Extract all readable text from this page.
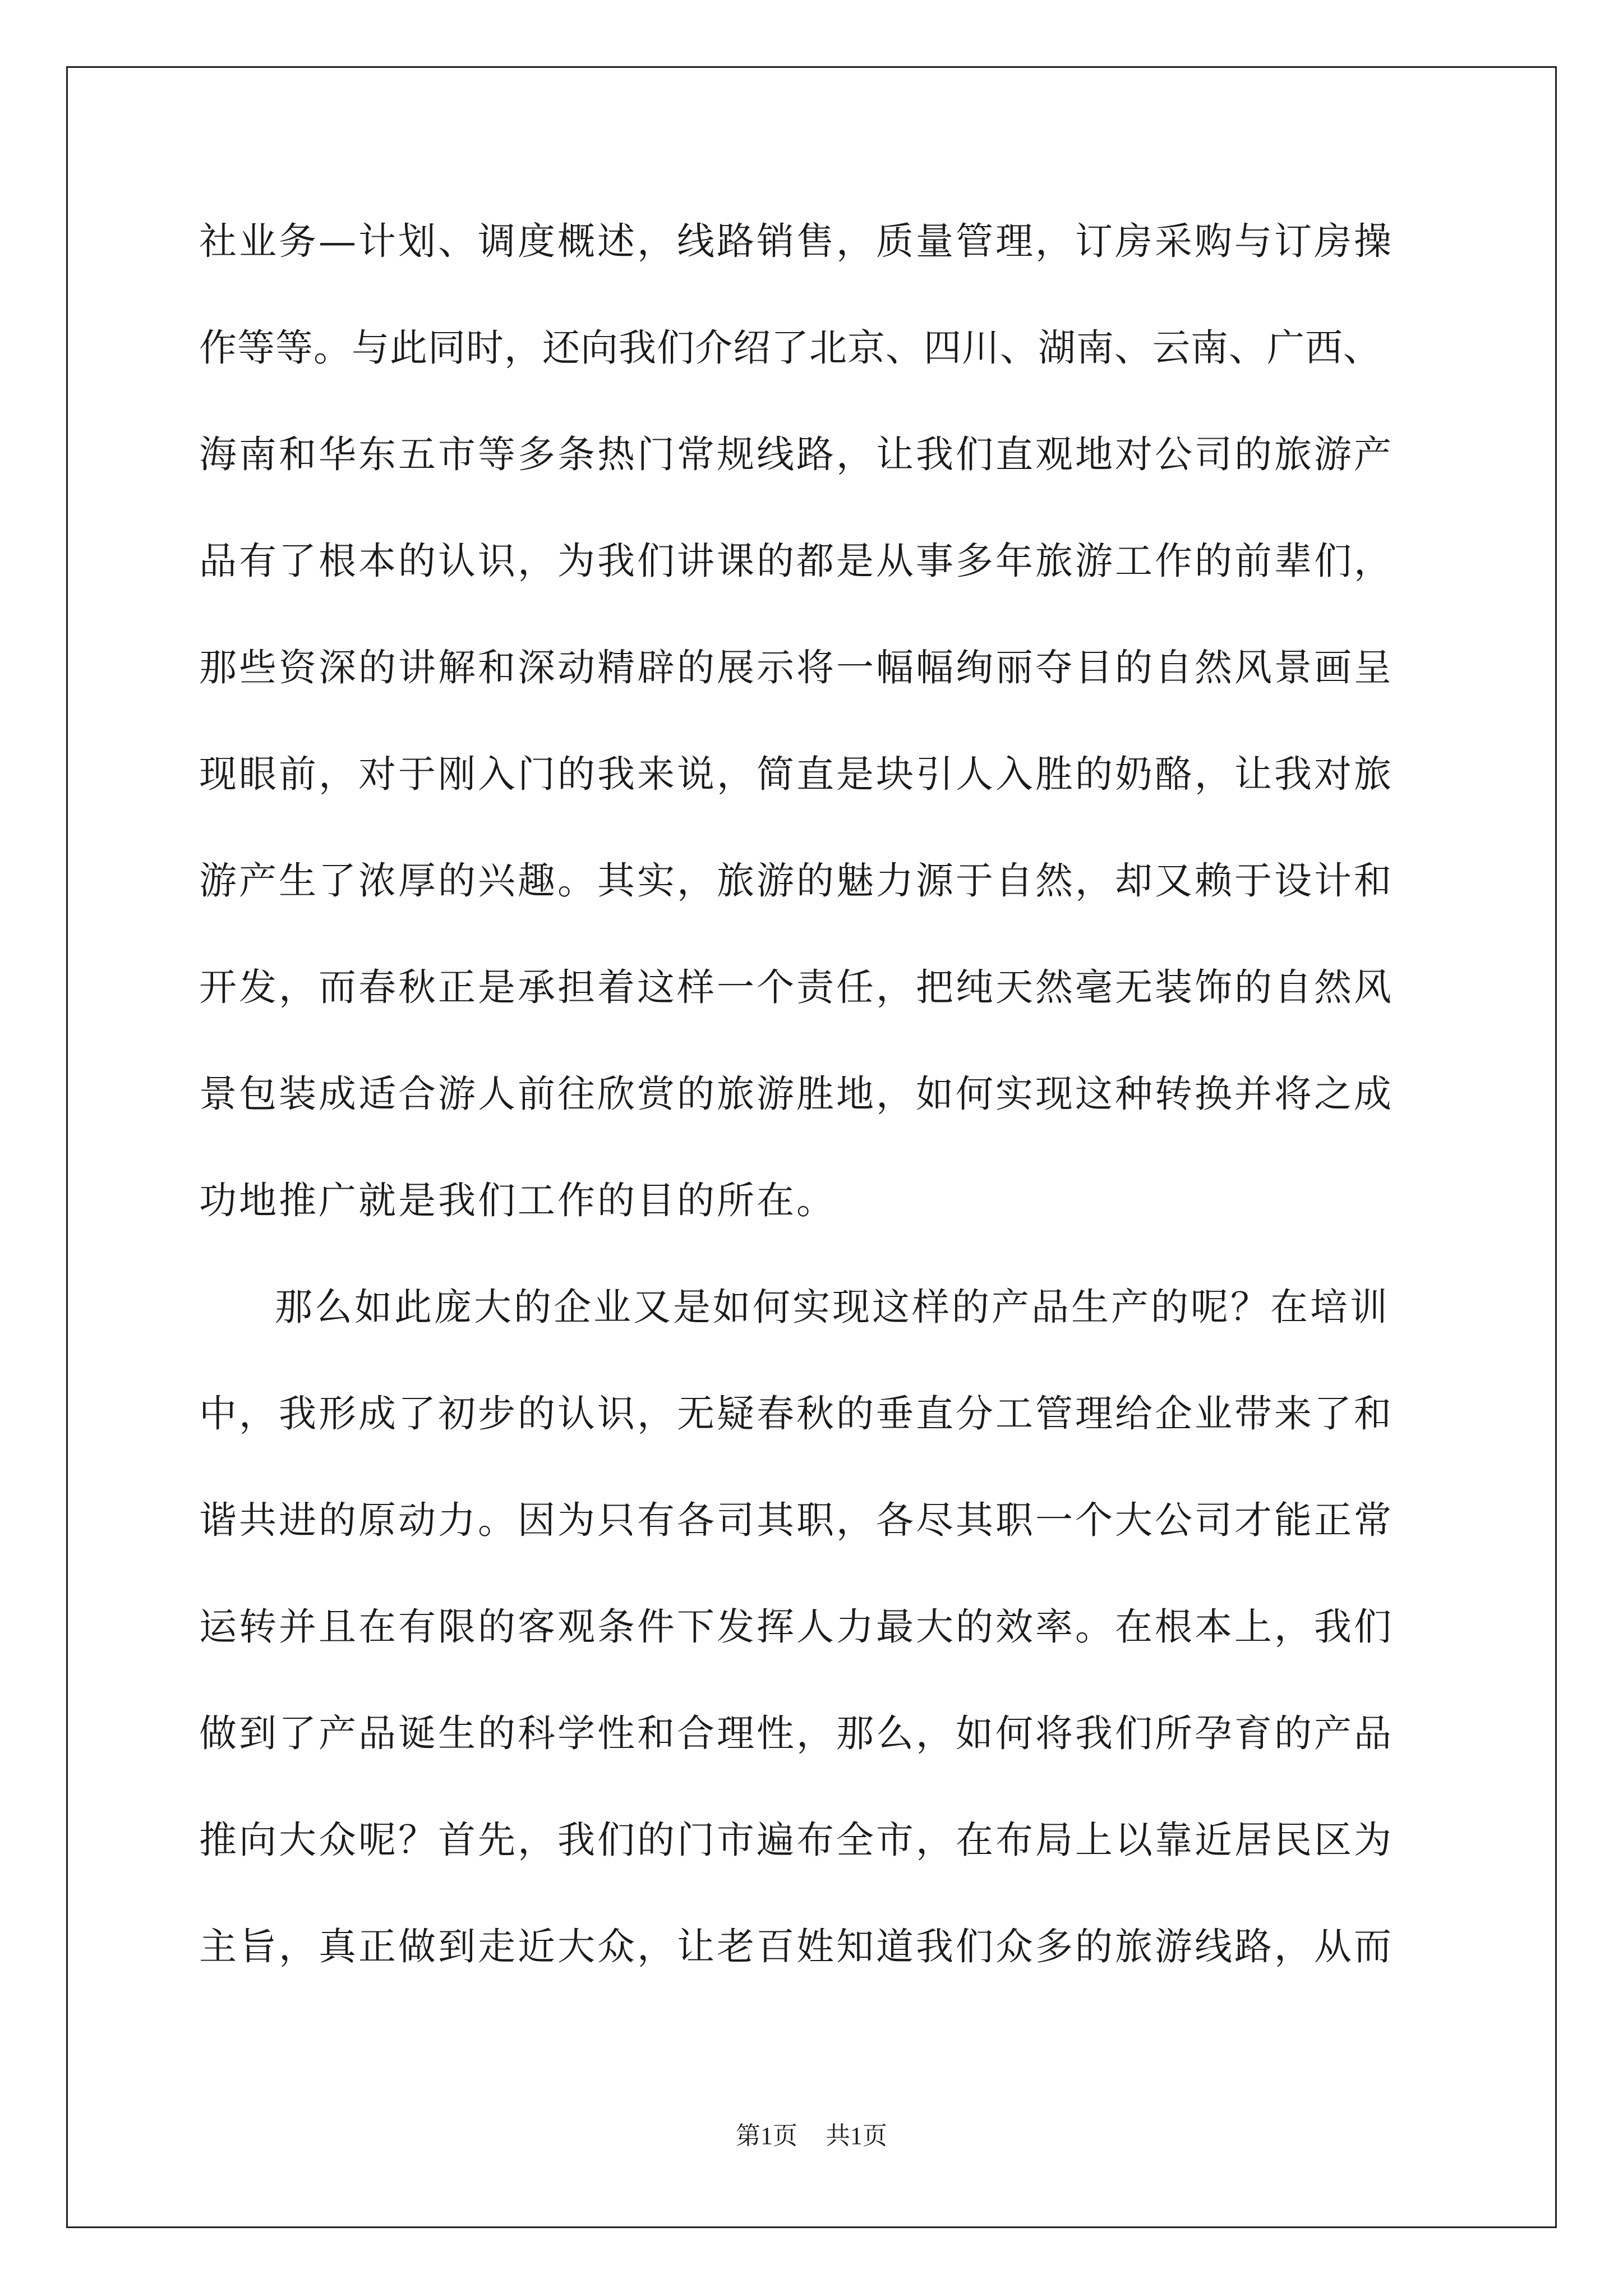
社业务—计划、调度概述，线路销售，质量管理，订房采购与订房操
作等等。与此同时，还向我们介绍了北京、四川、湖南、云南、广西、
海南和华东五市等多条热门常规线路，让我们直观地对公司的旅游产
品有了根本的认识，为我们讲课的都是从事多年旅游工作的前辈们，
那些资深的讲解和深动精辟的展示将一幅幅绚丽夺目的自然风景画呈
现眼前，对于刚入门的我来说，简直是块引人入胜的奶酪，让我对旅
游产生了浓厚的兴趣。其实，旅游的魅力源于自然，却又赖于设计和
开发，而春秋正是承担着这样一个责任，把纯天然毫无装饰的自然风
景包装成适合游人前往欣赏的旅游胜地，如何实现这种转换并将之成
功地推广就是我们工作的目的所在。
那么如此庞大的企业又是如何实现这样的产品生产的呢？在培训
中，我形成了初步的认识，无疑春秋的垂直分工管理给企业带来了和
谐共进的原动力。因为只有各司其职，各尽其职一个大公司才能正常
运转并且在有限的客观条件下发挥人力最大的效率。在根本上，我们
做到了产品诞生的科学性和合理性，那么，如何将我们所孕育的产品
推向大众呢？首先，我们的门市遍布全市，在布局上以靠近居民区为
主旨，真正做到走近大众，让老百姓知道我们众多的旅游线路，从而
第1页 共1页
